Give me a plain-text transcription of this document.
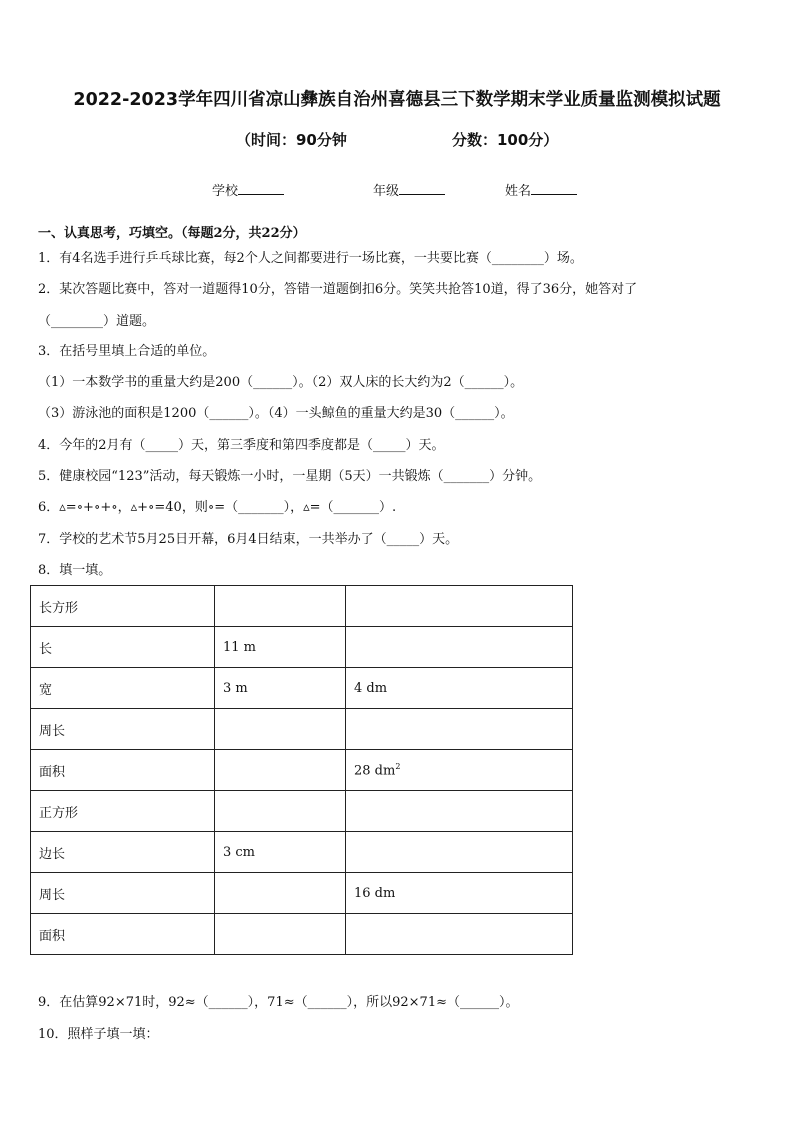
2022-2023学年四川省凉山彝族自治州喜德县三下数学期末学业质量监测模拟试题
（时间：90分钟	分数：100分）
学校	年级	姓名
一、认真思考，巧填空。（每题2分，共22分）
1．有4名选手进行乒乓球比赛，每2个人之间都要进行一场比赛，一共要比赛（________）场。
2．某次答题比赛中，答对一道题得10分，答错一道题倒扣6分。笑笑共抢答10道，得了36分，她答对了
（________）道题。
3．在括号里填上合适的单位。
（1）一本数学书的重量大约是200（______）。（2）双人床的长大约为2（______）。
（3）游泳池的面积是1200（______）。（4）一头鲸鱼的重量大约是30（______）。
4．今年的2月有（_____）天，第三季度和第四季度都是（_____）天。
5．健康校园“123”活动，每天锻炼一小时，一星期（5天）一共锻炼（_______）分钟。
6．▵=∘+∘+∘，▵+∘=40，则∘=（_______），▵=（_______）.
7．学校的艺术节5月25日开幕，6月4日结束，一共举办了（_____）天。
8．填一填。
长方形		
长	11 m	
宽	3 m	4 dm
周长		
面积		28 $dm^2$
正方形		
边长	3 cm	
周长		16 dm
面积		
9．在估算92×71时，92≈（______），71≈（______），所以92×71≈（______）。
10．照样子填一填：
